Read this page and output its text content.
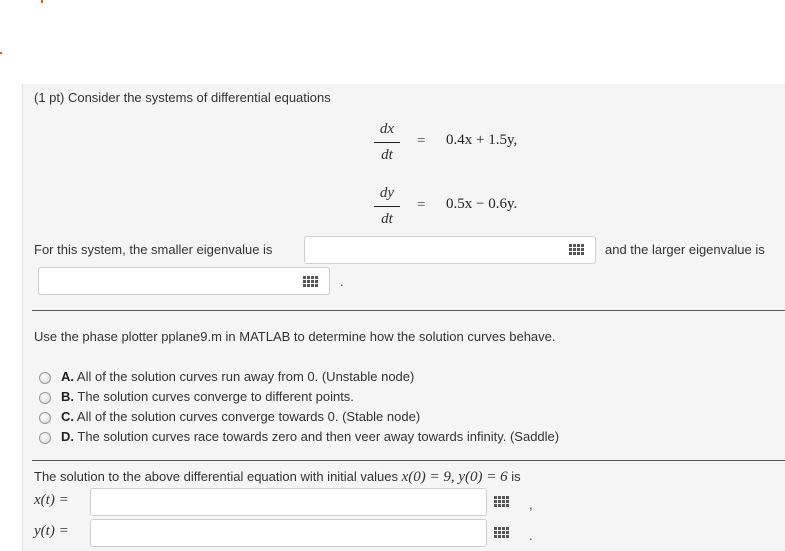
(1 pt) Consider the systems of differential equations
dx
dt
= 0.4x + 1.5y,
dy
dt
= 0.5x − 0.6y.
For this system, the smaller eigenvalue is	and the larger eigenvalue is
.
Use the phase plotter pplane9.m in MATLAB to determine how the solution curves behave.
A. All of the solution curves run away from 0. (Unstable node)
B. The solution curves converge to different points.
C. All of the solution curves converge towards 0. (Stable node)
D. The solution curves race towards zero and then veer away towards infinity. (Saddle)
The solution to the above differential equation with initial values x(0) = 9, y(0) = 6 is
x(t) =	,
y(t) =	.
